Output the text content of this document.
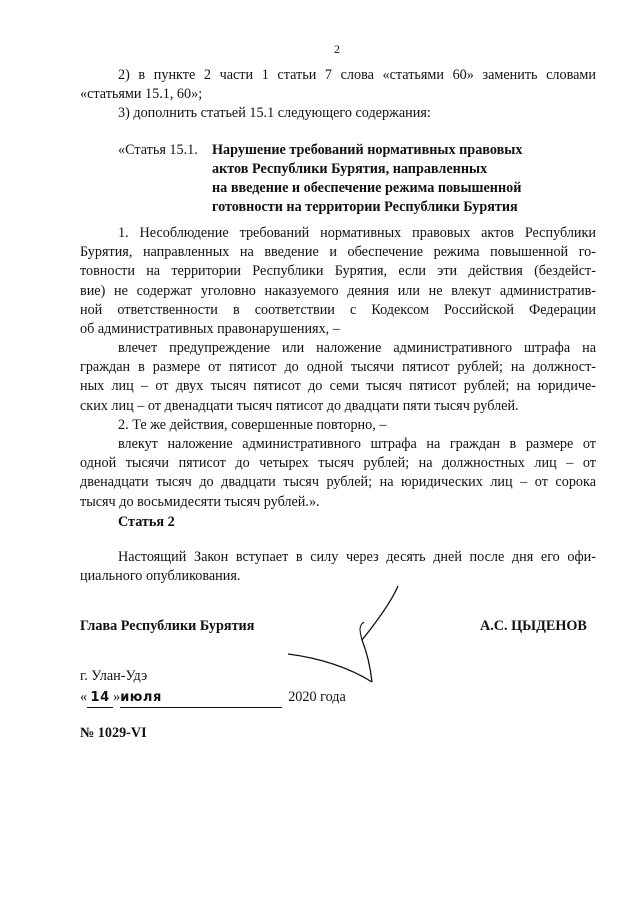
2
2) в пункте 2 части 1 статьи 7 слова «статьями 60» заменить словами
«статьями 15.1, 60»;
3) дополнить статьей 15.1 следующего содержания:
«Статья 15.1. Нарушение требований нормативных правовых
актов Республики Бурятия, направленных
на введение и обеспечение режима повышенной
готовности на территории Республики Бурятия
1. Несоблюдение требований нормативных правовых актов Республики
Бурятия, направленных на введение и обеспечение режима повышенной го-
товности на территории Республики Бурятия, если эти действия (бездейст-
вие) не содержат уголовно наказуемого деяния или не влекут административ-
ной ответственности в соответствии с Кодексом Российской Федерации
об административных правонарушениях, –
влечет предупреждение или наложение административного штрафа на
граждан в размере от пятисот до одной тысячи пятисот рублей; на должност-
ных лиц – от двух тысяч пятисот до семи тысяч пятисот рублей; на юридиче-
ских лиц – от двенадцати тысяч пятисот до двадцати пяти тысяч рублей.
2. Те же действия, совершенные повторно, –
влекут наложение административного штрафа на граждан в размере от
одной тысячи пятисот до четырех тысяч рублей; на должностных лиц – от
двенадцати тысяч до двадцати тысяч рублей; на юридических лиц – от сорока
тысяч до восьмидесяти тысяч рублей.».
Статья 2
Настоящий Закон вступает в силу через десять дней после дня его офи-
циального опубликования.
Глава Республики Бурятия	А.С. ЦЫДЕНОВ
г. Улан-Удэ
« 14 »июля	2020 года
№ 1029-VI
